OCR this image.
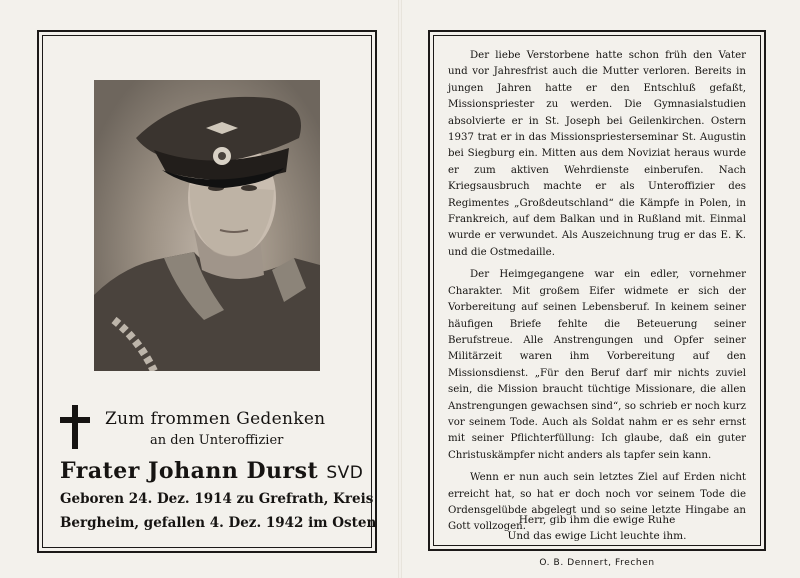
Zum frommen Gedenken
an den Unteroffizier
Frater Johann Durst SVD
Geboren 24. Dez. 1914 zu Grefrath, Kreis
Bergheim, gefallen 4. Dez. 1942 im Osten

Der liebe Verstorbene hatte schon früh den Vater und vor Jahresfrist auch die Mutter verloren. Bereits in jungen Jahren hatte er den Entschluß gefaßt, Missionspriester zu werden. Die Gymnasialstudien absolvierte er in St. Joseph bei Geilenkirchen. Ostern 1937 trat er in das Missionspriesterseminar St. Augustin bei Siegburg ein. Mitten aus dem Noviziat heraus wurde er zum aktiven Wehrdienste einberufen. Nach Kriegsausbruch machte er als Unteroffizier des Regimentes „Großdeutschland“ die Kämpfe in Polen, in Frankreich, auf dem Balkan und in Rußland mit. Einmal wurde er verwundet. Als Auszeichnung trug er das E. K. und die Ostmedaille.

Der Heimgegangene war ein edler, vornehmer Charakter. Mit großem Eifer widmete er sich der Vorbereitung auf seinen Lebensberuf. In keinem seiner häufigen Briefe fehlte die Beteuerung seiner Berufstreue. Alle Anstrengungen und Opfer seiner Militärzeit waren ihm Vorbereitung auf den Missionsdienst. „Für den Beruf darf mir nichts zuviel sein, die Mission braucht tüchtige Missionare, die allen Anstrengungen gewachsen sind“, so schrieb er noch kurz vor seinem Tode. Auch als Soldat nahm er es sehr ernst mit seiner Pflichterfüllung: Ich glaube, daß ein guter Christuskämpfer nicht anders als tapfer sein kann.

Wenn er nun auch sein letztes Ziel auf Erden nicht erreicht hat, so hat er doch noch vor seinem Tode die Ordensgelübde abgelegt und so seine letzte Hingabe an Gott vollzogen.

Herr, gib ihm die ewige Ruhe
Und das ewige Licht leuchte ihm.
O. B. Dennert, Frechen
